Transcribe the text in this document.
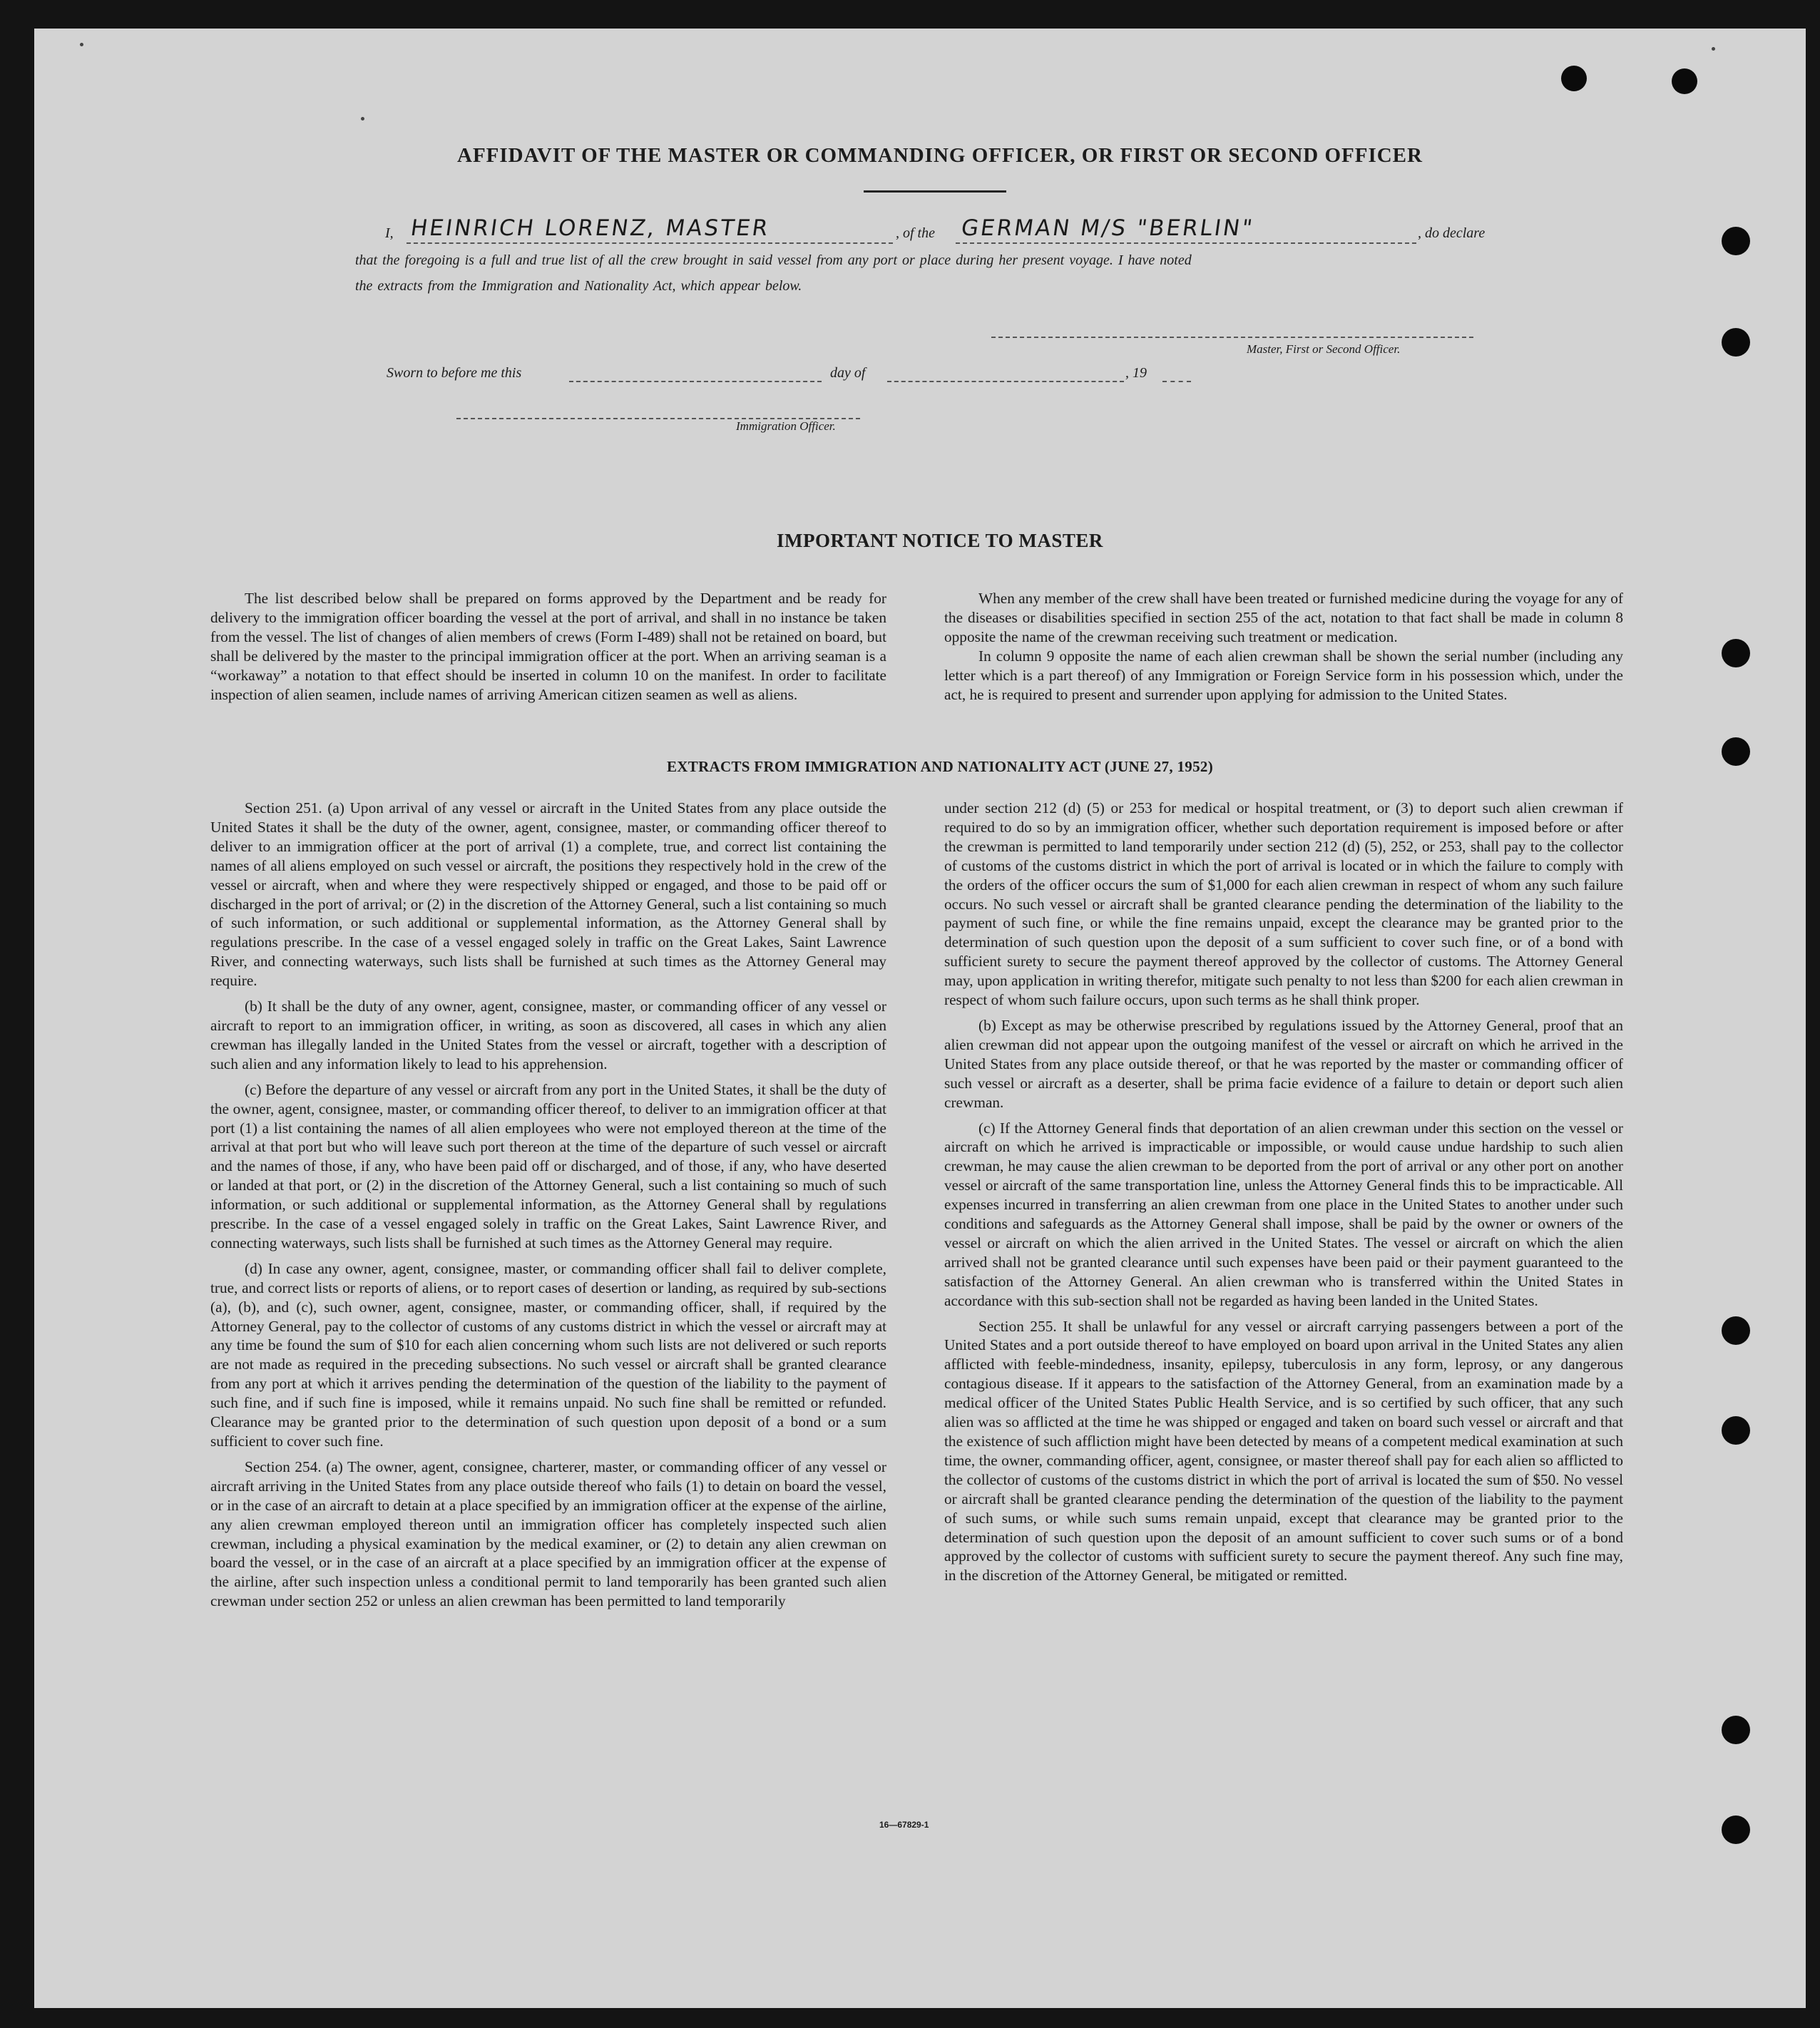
AFFIDAVIT OF THE MASTER OR COMMANDING OFFICER, OR FIRST OR SECOND OFFICER
I, HEINRICH LORENZ, MASTER	, of the GERMAN M/S "BERLIN"	, do declare
that the foregoing is a full and true list of all the crew brought in said vessel from any port or place during her present voyage. I have noted
the extracts from the Immigration and Nationality Act, which appear below.
Master, First or Second Officer.
Sworn to before me this	day of	, 19
Immigration Officer.
IMPORTANT NOTICE TO MASTER

The list described below shall be prepared on forms approved by the Department and be ready for delivery to the immigration officer boarding the vessel at the port of arrival, and shall in no instance be taken from the vessel. The list of changes of alien members of crews (Form I-489) shall not be retained on board, but shall be delivered by the master to the principal immigration officer at the port. When an arriving seaman is a “workaway” a notation to that effect should be inserted in column 10 on the manifest. In order to facilitate inspection of alien seamen, include names of arriving American citizen seamen as well as aliens.

When any member of the crew shall have been treated or furnished medicine during the voyage for any of the diseases or disabilities specified in section 255 of the act, notation to that fact shall be made in column 8 opposite the name of the crewman receiving such treatment or medication.

In column 9 opposite the name of each alien crewman shall be shown the serial number (including any letter which is a part thereof) of any Immigration or Foreign Service form in his possession which, under the act, he is required to present and surrender upon applying for admission to the United States.

EXTRACTS FROM IMMIGRATION AND NATIONALITY ACT (JUNE 27, 1952)

Section 251. (a) Upon arrival of any vessel or aircraft in the United States from any place outside the United States it shall be the duty of the owner, agent, consignee, master, or commanding officer thereof to deliver to an immigration officer at the port of arrival (1) a complete, true, and correct list containing the names of all aliens employed on such vessel or aircraft, the positions they respectively hold in the crew of the vessel or aircraft, when and where they were respectively shipped or engaged, and those to be paid off or discharged in the port of arrival; or (2) in the discretion of the Attorney General, such a list containing so much of such information, or such additional or supplemental information, as the Attorney General shall by regulations prescribe. In the case of a vessel engaged solely in traffic on the Great Lakes, Saint Lawrence River, and connecting waterways, such lists shall be furnished at such times as the Attorney General may require.

(b) It shall be the duty of any owner, agent, consignee, master, or commanding officer of any vessel or aircraft to report to an immigration officer, in writing, as soon as discovered, all cases in which any alien crewman has illegally landed in the United States from the vessel or aircraft, together with a description of such alien and any information likely to lead to his apprehension.

(c) Before the departure of any vessel or aircraft from any port in the United States, it shall be the duty of the owner, agent, consignee, master, or commanding officer thereof, to deliver to an immigration officer at that port (1) a list containing the names of all alien employees who were not employed thereon at the time of the arrival at that port but who will leave such port thereon at the time of the departure of such vessel or aircraft and the names of those, if any, who have been paid off or discharged, and of those, if any, who have deserted or landed at that port, or (2) in the discretion of the Attorney General, such a list containing so much of such information, or such additional or supplemental information, as the Attorney General shall by regulations prescribe. In the case of a vessel engaged solely in traffic on the Great Lakes, Saint Lawrence River, and connecting waterways, such lists shall be furnished at such times as the Attorney General may require.

(d) In case any owner, agent, consignee, master, or commanding officer shall fail to deliver complete, true, and correct lists or reports of aliens, or to report cases of desertion or landing, as required by sub-sections (a), (b), and (c), such owner, agent, consignee, master, or commanding officer, shall, if required by the Attorney General, pay to the collector of customs of any customs district in which the vessel or aircraft may at any time be found the sum of $10 for each alien concerning whom such lists are not delivered or such reports are not made as required in the preceding subsections. No such vessel or aircraft shall be granted clearance from any port at which it arrives pending the determination of the question of the liability to the payment of such fine, and if such fine is imposed, while it remains unpaid. No such fine shall be remitted or refunded. Clearance may be granted prior to the determination of such question upon deposit of a bond or a sum sufficient to cover such fine.

Section 254. (a) The owner, agent, consignee, charterer, master, or commanding officer of any vessel or aircraft arriving in the United States from any place outside thereof who fails (1) to detain on board the vessel, or in the case of an aircraft to detain at a place specified by an immigration officer at the expense of the airline, any alien crewman employed thereon until an immigration officer has completely inspected such alien crewman, including a physical examination by the medical examiner, or (2) to detain any alien crewman on board the vessel, or in the case of an aircraft at a place specified by an immigration officer at the expense of the airline, after such inspection unless a conditional permit to land temporarily has been granted such alien crewman under section 252 or unless an alien crewman has been permitted to land temporarily

under section 212 (d) (5) or 253 for medical or hospital treatment, or (3) to deport such alien crewman if required to do so by an immigration officer, whether such deportation requirement is imposed before or after the crewman is permitted to land temporarily under section 212 (d) (5), 252, or 253, shall pay to the collector of customs of the customs district in which the port of arrival is located or in which the failure to comply with the orders of the officer occurs the sum of $1,000 for each alien crewman in respect of whom any such failure occurs. No such vessel or aircraft shall be granted clearance pending the determination of the liability to the payment of such fine, or while the fine remains unpaid, except the clearance may be granted prior to the determination of such question upon the deposit of a sum sufficient to cover such fine, or of a bond with sufficient surety to secure the payment thereof approved by the collector of customs. The Attorney General may, upon application in writing therefor, mitigate such penalty to not less than $200 for each alien crewman in respect of whom such failure occurs, upon such terms as he shall think proper.

(b) Except as may be otherwise prescribed by regulations issued by the Attorney General, proof that an alien crewman did not appear upon the outgoing manifest of the vessel or aircraft on which he arrived in the United States from any place outside thereof, or that he was reported by the master or commanding officer of such vessel or aircraft as a deserter, shall be prima facie evidence of a failure to detain or deport such alien crewman.

(c) If the Attorney General finds that deportation of an alien crewman under this section on the vessel or aircraft on which he arrived is impracticable or impossible, or would cause undue hardship to such alien crewman, he may cause the alien crewman to be deported from the port of arrival or any other port on another vessel or aircraft of the same transportation line, unless the Attorney General finds this to be impracticable. All expenses incurred in transferring an alien crewman from one place in the United States to another under such conditions and safeguards as the Attorney General shall impose, shall be paid by the owner or owners of the vessel or aircraft on which the alien arrived in the United States. The vessel or aircraft on which the alien arrived shall not be granted clearance until such expenses have been paid or their payment guaranteed to the satisfaction of the Attorney General. An alien crewman who is transferred within the United States in accordance with this sub-section shall not be regarded as having been landed in the United States.

Section 255. It shall be unlawful for any vessel or aircraft carrying passengers between a port of the United States and a port outside thereof to have employed on board upon arrival in the United States any alien afflicted with feeble-mindedness, insanity, epilepsy, tuberculosis in any form, leprosy, or any dangerous contagious disease. If it appears to the satisfaction of the Attorney General, from an examination made by a medical officer of the United States Public Health Service, and is so certified by such officer, that any such alien was so afflicted at the time he was shipped or engaged and taken on board such vessel or aircraft and that the existence of such affliction might have been detected by means of a competent medical examination at such time, the owner, commanding officer, agent, consignee, or master thereof shall pay for each alien so afflicted to the collector of customs of the customs district in which the port of arrival is located the sum of $50. No vessel or aircraft shall be granted clearance pending the determination of the question of the liability to the payment of such sums, or while such sums remain unpaid, except that clearance may be granted prior to the determination of such question upon the deposit of an amount sufficient to cover such sums or of a bond approved by the collector of customs with sufficient surety to secure the payment thereof. Any such fine may, in the discretion of the Attorney General, be mitigated or remitted.

16—67829-1
